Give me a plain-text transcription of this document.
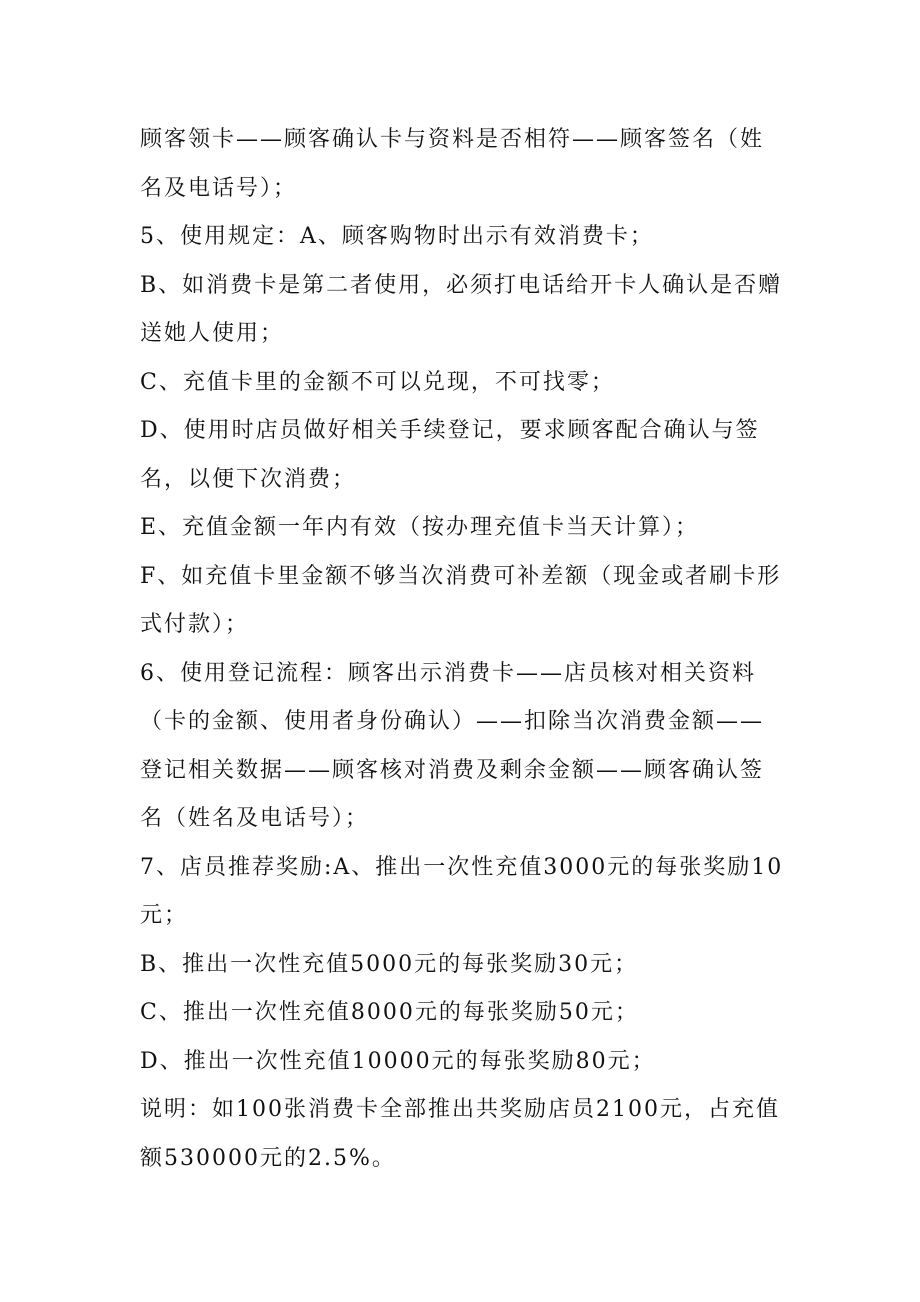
顾客领卡——顾客确认卡与资料是否相符——顾客签名（姓名及电话号）；

5、使用规定：A、顾客购物时出示有效消费卡；

B、如消费卡是第二者使用，必须打电话给开卡人确认是否赠送她人使用；

C、充值卡里的金额不可以兑现，不可找零；

D、使用时店员做好相关手续登记，要求顾客配合确认与签名，以便下次消费；

E、充值金额一年内有效（按办理充值卡当天计算）；

F、如充值卡里金额不够当次消费可补差额（现金或者刷卡形式付款）；

6、使用登记流程：顾客出示消费卡——店员核对相关资料（卡的金额、使用者身份确认）——扣除当次消费金额——登记相关数据——顾客核对消费及剩余金额——顾客确认签名（姓名及电话号）；

7、店员推荐奖励:A、推出一次性充值3000元的每张奖励10元；

B、推出一次性充值5000元的每张奖励30元；

C、推出一次性充值8000元的每张奖励50元；

D、推出一次性充值10000元的每张奖励80元；

说明：如100张消费卡全部推出共奖励店员2100元，占充值额530000元的2.5%。
